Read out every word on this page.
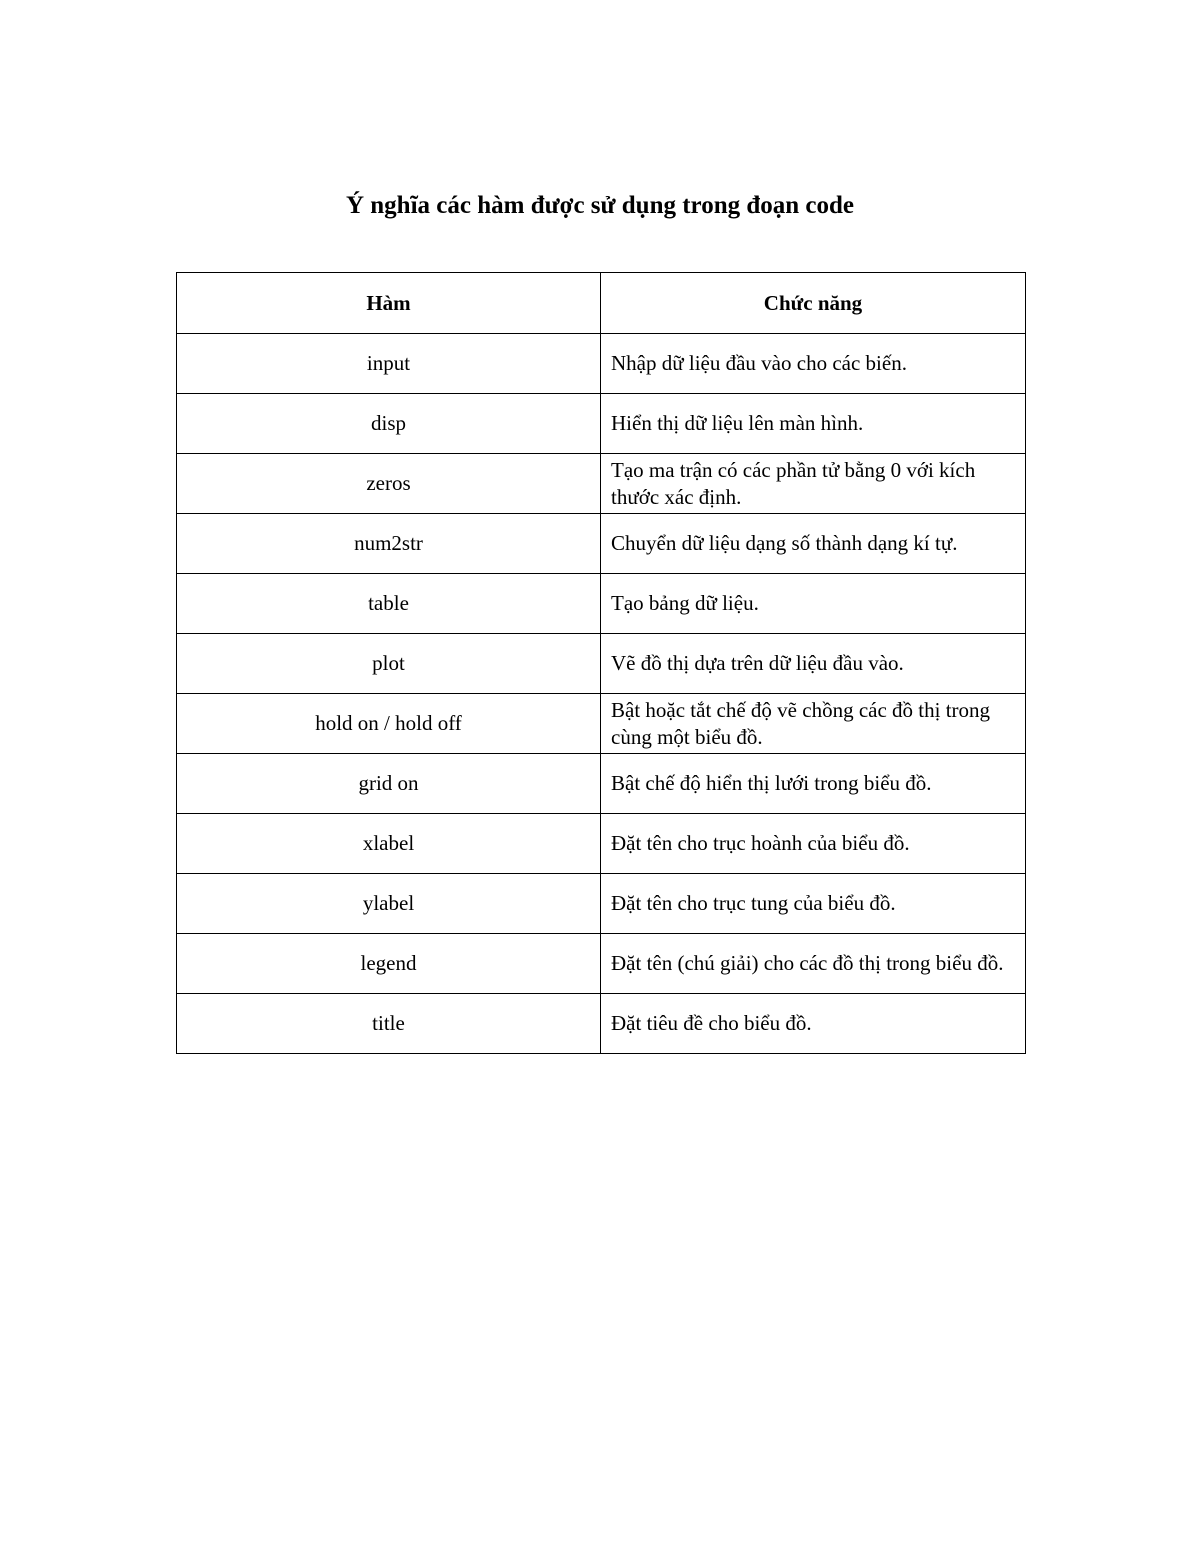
Ý nghĩa các hàm được sử dụng trong đoạn code
Hàm	Chức năng
input	Nhập dữ liệu đầu vào cho các biến.
disp	Hiển thị dữ liệu lên màn hình.
zeros	Tạo ma trận có các phần tử bằng 0 với kích thước xác định.
num2str	Chuyển dữ liệu dạng số thành dạng kí tự.
table	Tạo bảng dữ liệu.
plot	Vẽ đồ thị dựa trên dữ liệu đầu vào.
hold on / hold off	Bật hoặc tắt chế độ vẽ chồng các đồ thị trong cùng một biểu đồ.
grid on	Bật chế độ hiển thị lưới trong biểu đồ.
xlabel	Đặt tên cho trục hoành của biểu đồ.
ylabel	Đặt tên cho trục tung của biểu đồ.
legend	Đặt tên (chú giải) cho các đồ thị trong biểu đồ.
title	Đặt tiêu đề cho biểu đồ.
